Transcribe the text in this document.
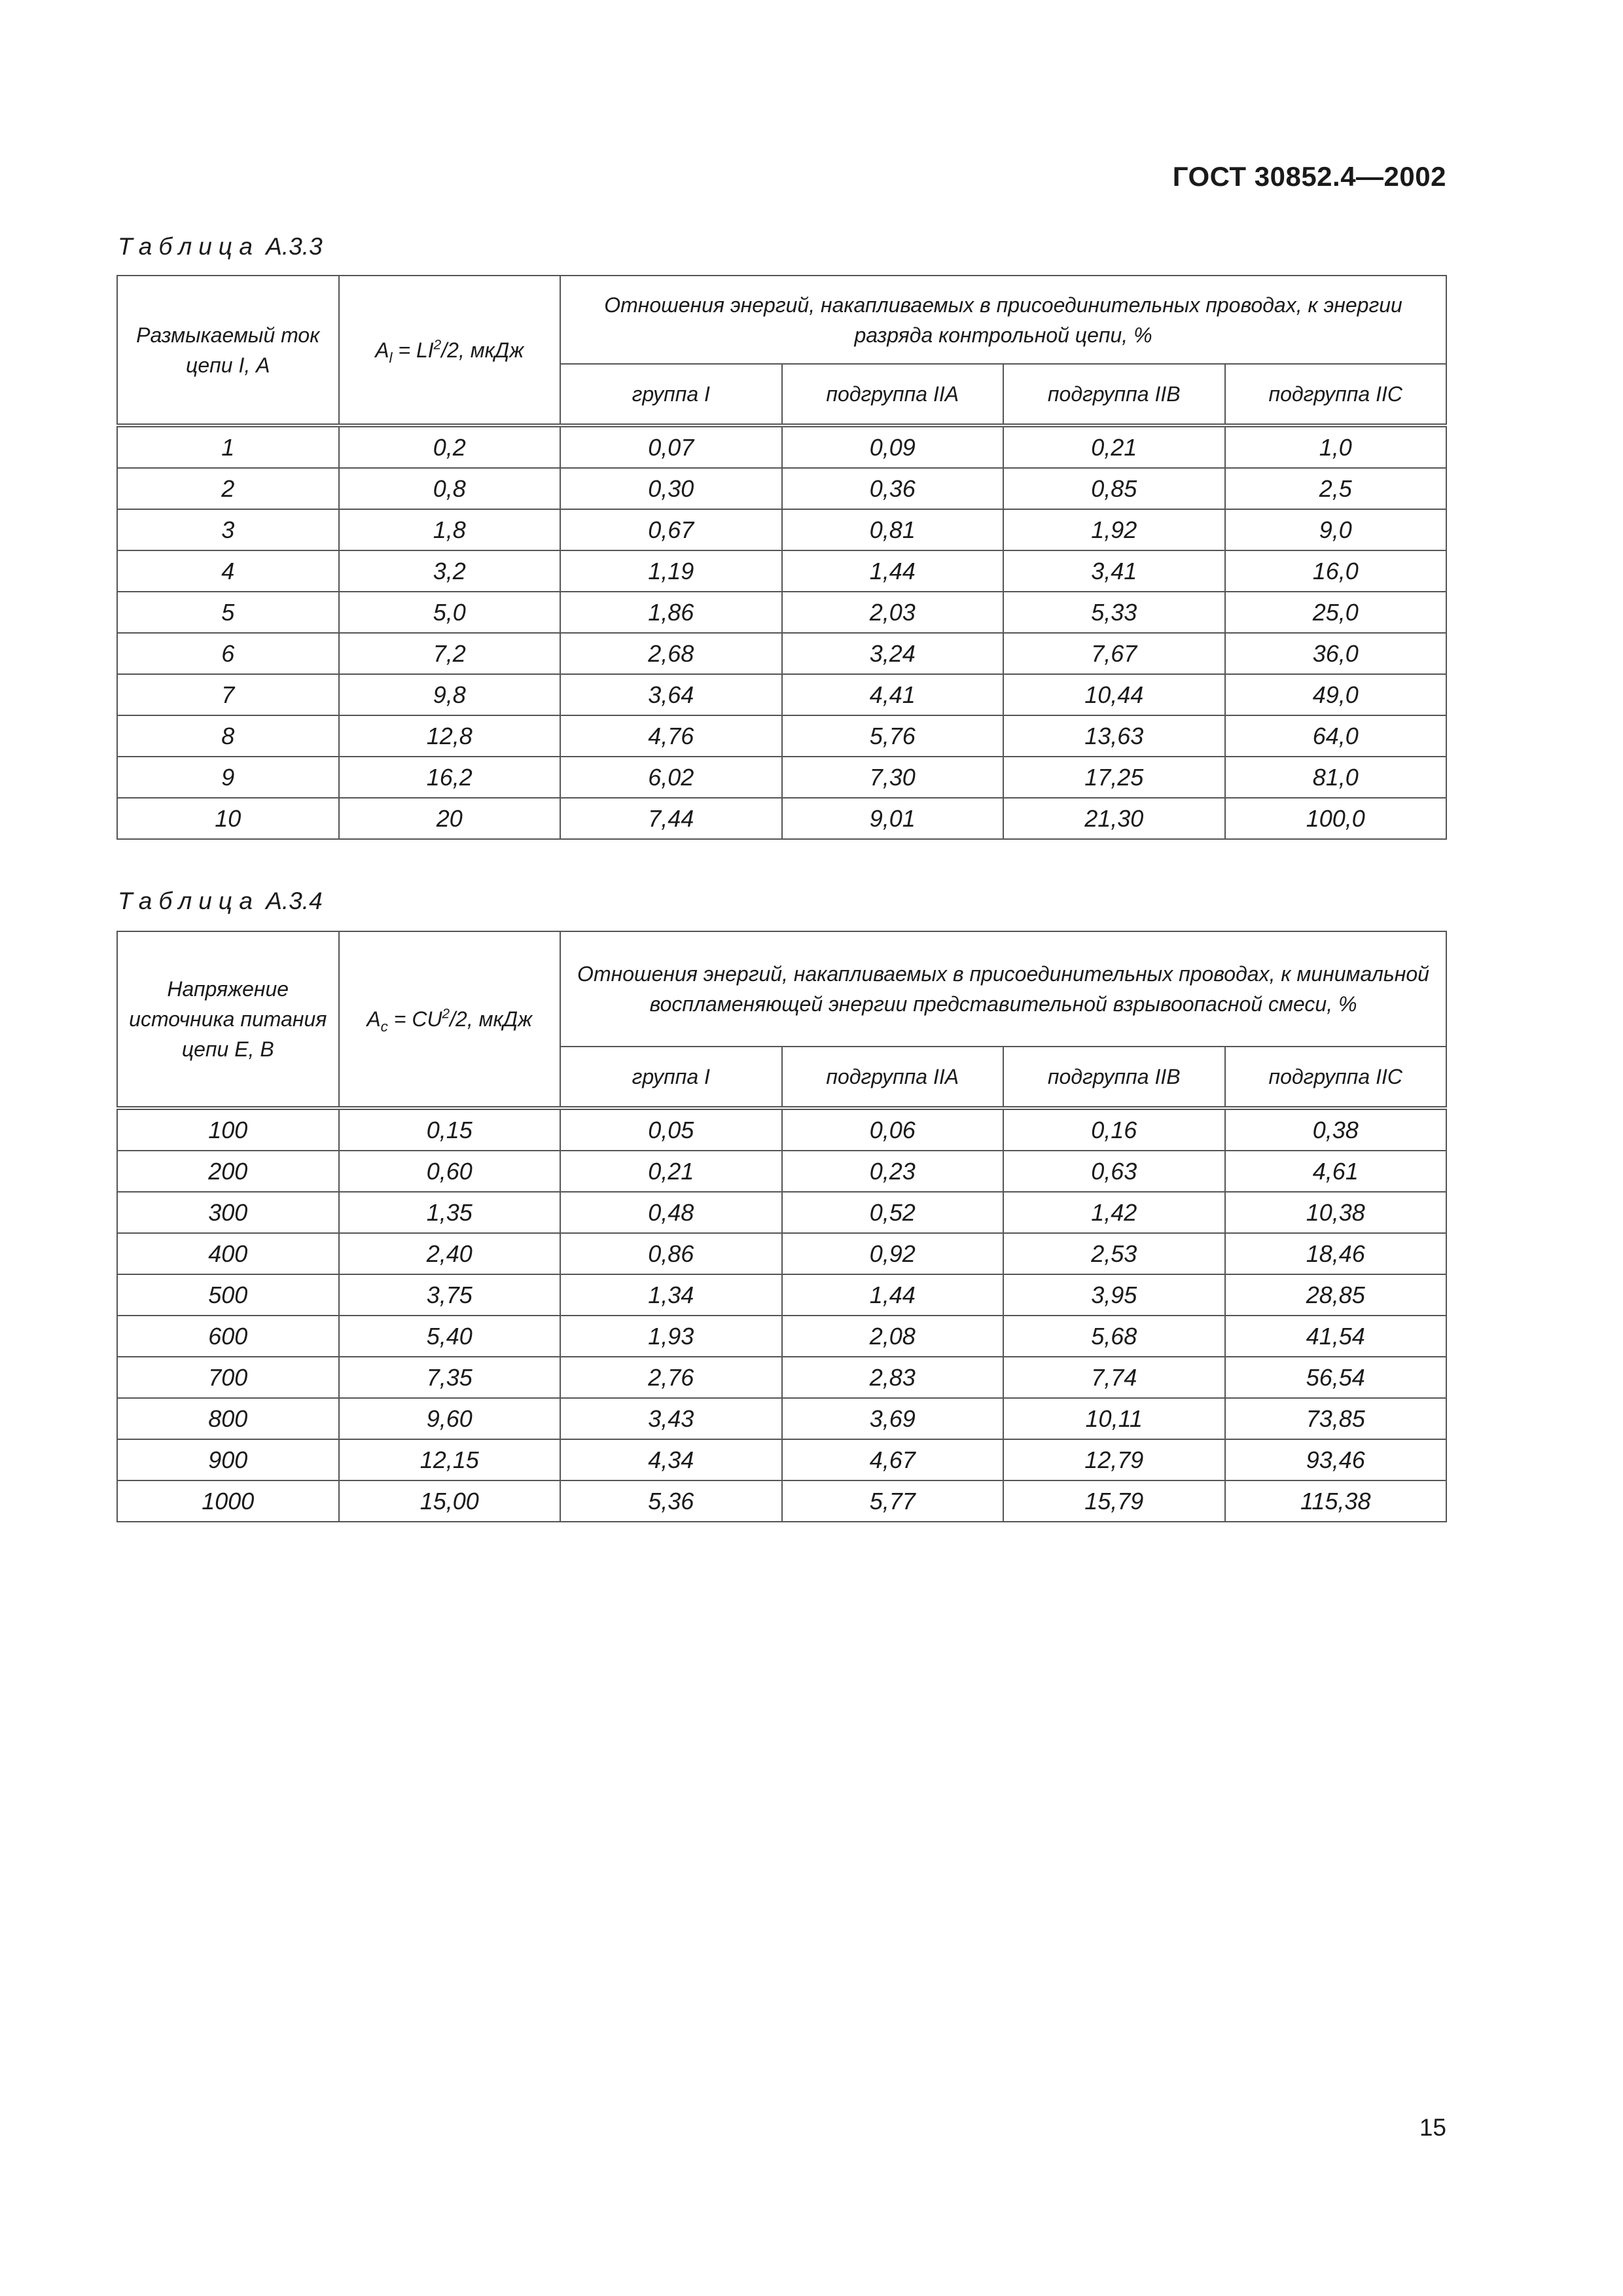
ГОСТ 30852.4—2002
Таблица А.3.3
Размыкаемый ток цепи I, А	$A_l = LI^2/2$, мкДж	Отношения энергий, накапливаемых в присоединительных проводах, к энергии разряда контрольной цепи, %			
		группа I	подгруппа IIA	подгруппа IIB	подгруппа IIC
1	0,2	0,07	0,09	0,21	1,0
2	0,8	0,30	0,36	0,85	2,5
3	1,8	0,67	0,81	1,92	9,0
4	3,2	1,19	1,44	3,41	16,0
5	5,0	1,86	2,03	5,33	25,0
6	7,2	2,68	3,24	7,67	36,0
7	9,8	3,64	4,41	10,44	49,0
8	12,8	4,76	5,76	13,63	64,0
9	16,2	6,02	7,30	17,25	81,0
10	20	7,44	9,01	21,30	100,0
Таблица А.3.4
Напряжение источника питания цепи E, В	$A_c = CU^2/2$, мкДж	Отношения энергий, накапливаемых в присоединительных проводах, к минимальной воспламеняющей энергии представительной взрывоопасной смеси, %			
		группа I	подгруппа IIA	подгруппа IIB	подгруппа IIC
100	0,15	0,05	0,06	0,16	0,38
200	0,60	0,21	0,23	0,63	4,61
300	1,35	0,48	0,52	1,42	10,38
400	2,40	0,86	0,92	2,53	18,46
500	3,75	1,34	1,44	3,95	28,85
600	5,40	1,93	2,08	5,68	41,54
700	7,35	2,76	2,83	7,74	56,54
800	9,60	3,43	3,69	10,11	73,85
900	12,15	4,34	4,67	12,79	93,46
1000	15,00	5,36	5,77	15,79	115,38
15
